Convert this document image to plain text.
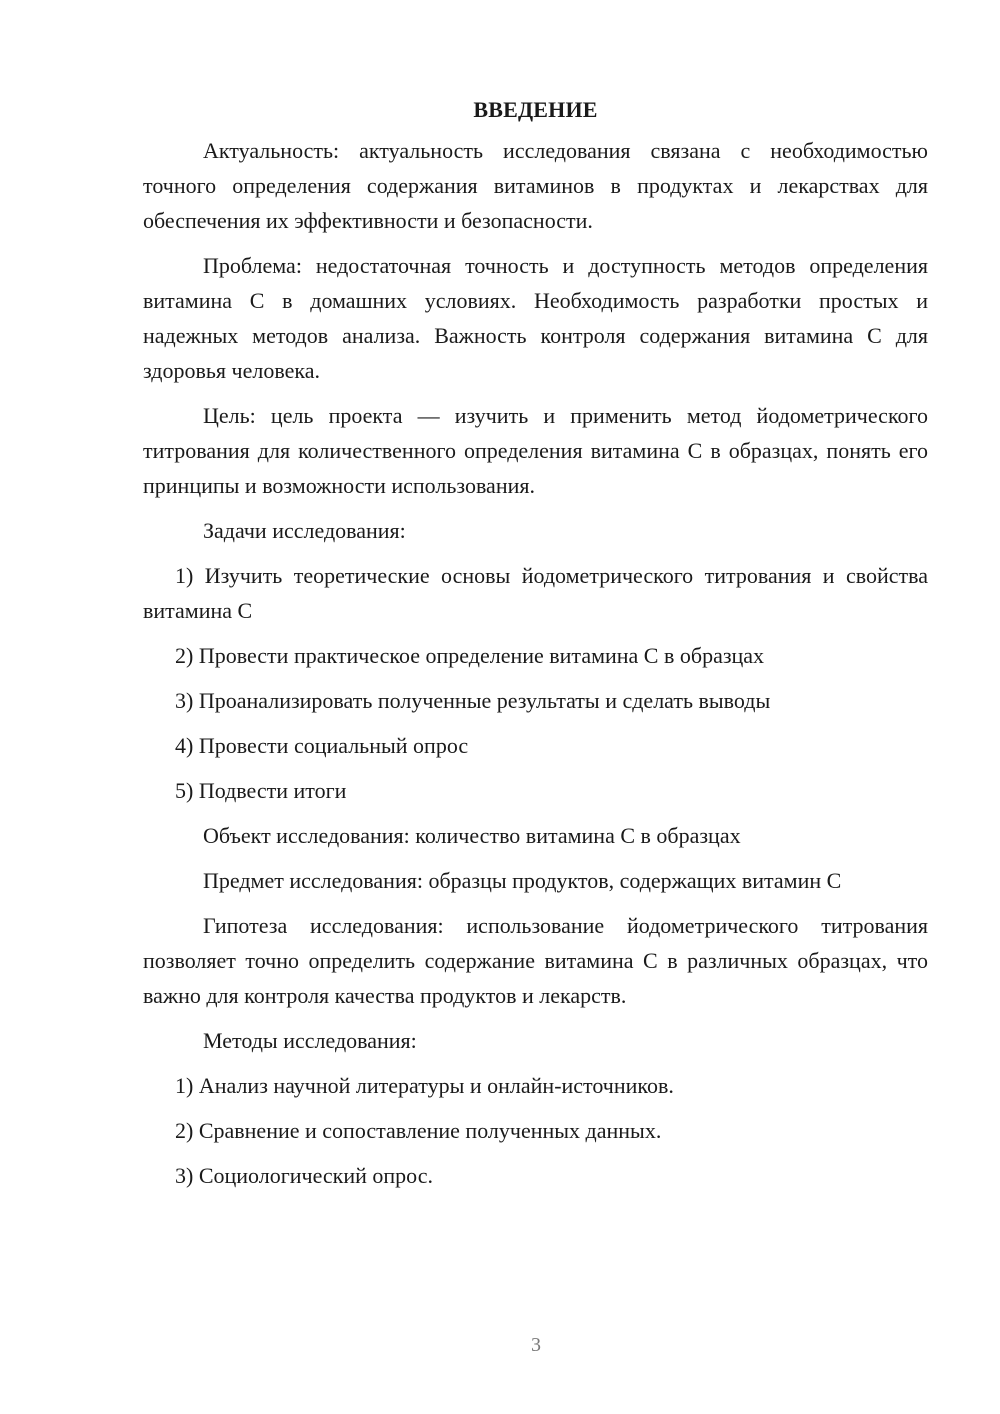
ВВЕДЕНИЕ

Актуальность: актуальность исследования связана с необходимостью точного определения содержания витаминов в продуктах и лекарствах для обеспечения их эффективности и безопасности.

Проблема: недостаточная точность и доступность методов определения витамина С в домашних условиях. Необходимость разработки простых и надежных методов анализа. Важность контроля содержания витамина С для здоровья человека.

Цель: цель проекта — изучить и применить метод йодометрического титрования для количественного определения витамина С в образцах, понять его принципы и возможности использования.

Задачи исследования:

1) Изучить теоретические основы йодометрического титрования и свойства витамина С

2) Провести практическое определение витамина С в образцах

3) Проанализировать полученные результаты и сделать выводы

4) Провести социальный опрос

5) Подвести итоги

Объект исследования: количество витамина С в образцах

Предмет исследования: образцы продуктов, содержащих витамин С

Гипотеза исследования: использование йодометрического титрования позволяет точно определить содержание витамина С в различных образцах, что важно для контроля качества продуктов и лекарств.

Методы исследования:

1) Анализ научной литературы и онлайн-источников.

2) Сравнение и сопоставление полученных данных.

3) Социологический опрос.

3
